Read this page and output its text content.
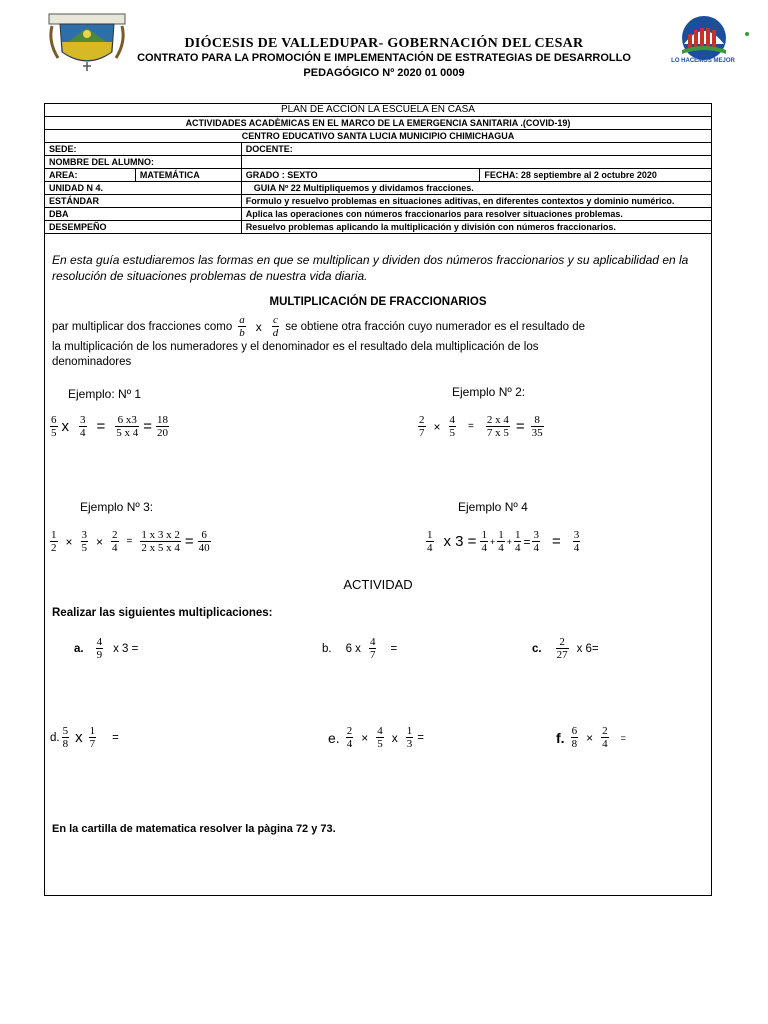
LO HACEMOS MEJOR
DIÓCESIS DE VALLEDUPAR- GOBERNACIÓN DEL CESAR
CONTRATO PARA LA PROMOCIÓN E IMPLEMENTACIÓN DE ESTRATEGIAS DE DESARROLLO
PEDAGÓGICO Nº 2020 01 0009
PLAN DE ACCIÒN LA ESCUELA EN CASA			
ACTIVIDADES ACADÈMICAS EN EL MARCO DE LA EMERGENCIA SANITARIA .(COVID-19)			
CENTRO EDUCATIVO SANTA LUCIA MUNICIPIO CHIMICHAGUA			
SEDE:		DOCENTE:	
NOMBRE DEL ALUMNO:			
AREA:	MATEMÁTICA	GRADO : SEXTO	FECHA: 28 septiembre al 2 octubre 2020
UNIDAD N 4.		GUIA Nº 22 Multipliquemos y dividamos fracciones.	
ESTÁNDAR		Formulo y resuelvo problemas en situaciones aditivas, en diferentes contextos y dominio numérico.	
DBA		Aplica las operaciones con números fraccionarios para resolver situaciones problemas.	
DESEMPEÑO		Resuelvo problemas aplicando la multiplicación y división con números fraccionarios.	
En esta guía estudiaremos las formas en que se multiplican y dividen dos números fraccionarios y su aplicabilidad en la resolución de situaciones problemas de nuestra vida diaria.
MULTIPLICACIÓN DE FRACCIONARIOS
par multiplicar dos fracciones como
a
b x c
d
se obtiene otra fracción cuyo numerador es el resultado de
la multiplicación de los numeradores y el denominador es el resultado dela multiplicación de los
denominadores
Ejemplo: Nº 1	Ejemplo Nº 2:
6
5 x $\frac{3}{4} = \frac{6 x3}{5 x 4} = \frac{18}{20}$	$\frac{2}{7} \times \frac{4}{5} = \frac{2 x 4}{7 x 5} = \frac{8}{35}$
Ejemplo Nº 3:	Ejemplo Nº 4
$\frac{1}{2} \times \frac{3}{5} \times \frac{2}{4} = \frac{1 x 3 x 2}{2 x 5 x 4} = \frac{6}{40}$	1
4 x $3 = \frac{1}{4} + \frac{1}{4} + \frac{1}{4} = \frac{3}{4} = \frac{3}{4}$
ACTIVIDAD
Realizar las siguientes multiplicaciones:
a.
4
9
x 3 =	b. 6 x $\frac{4}{7}$ =	c.
2
27
x 6=
d.
5
8 x $\frac{1}{7}$ =	e. $\frac{2}{4} \times \frac{4}{5}$ x $\frac{1}{3}$ =	f. $\frac{6}{8} \times \frac{2}{4}$ =
En la cartilla de matematica resolver la pàgina 72 y 73.
